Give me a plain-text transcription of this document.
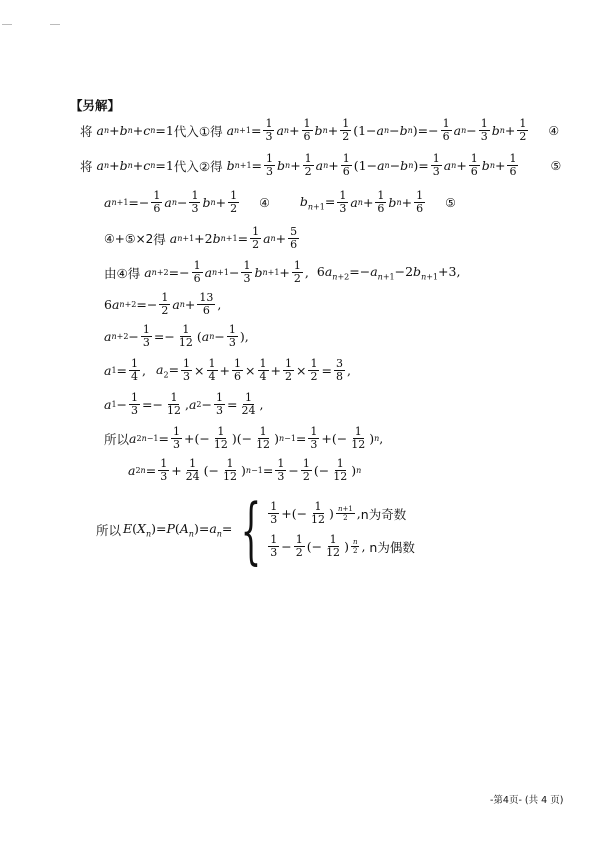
【另解】
将
a n + b n + c n =1 代入①得
a $n+1 = \frac{1}{3}$ a $n + \frac{1}{6}$ b $n + \frac{1}{2} (1- a$ n − b n )=− $\frac{1}{6}$ a $n - \frac{1}{3}$ b $n + \frac{1}{2}$ ④
将
a n + b n + c n =1 代入②得
b $n+1 = \frac{1}{3}$ b $n + \frac{1}{2}$ a $n + \frac{1}{6} (1- a$ n − b n )= $\frac{1}{3}$ a $n + \frac{1}{6}$ b $n + \frac{1}{6}$	⑤
a $n+1 =- \frac{1}{6}$ a $n - \frac{1}{3}$ b $n + \frac{1}{2}$ ④ $b_{n+1}= \frac{1}{3}$ a $n + \frac{1}{6}$ b $n + \frac{1}{6}$ ⑤
④+⑤×2 得
a n+1 +2 b $n+1 = \frac{1}{2}$ a $n + \frac{5}{6}$
由④得
a $n+2 =- \frac{1}{6}$ a $n+1 - \frac{1}{3}$ b $n+1 + \frac{1}{2}$ , $6a_{n+2}=-a_{n+1}-2b_{n+1}+3$,
6 a $n+2 =- \frac{1}{2}$ a $n + \frac{13}{6}$ ,
a $n+2 - \frac{1}{3} =- \frac{1}{12}$ ( a $n - \frac{1}{3}$ ),
a $1 = \frac{1}{4}$ , $a_2= \frac{1}{3} \times \frac{1}{4} + \frac{1}{6} \times \frac{1}{4} + \frac{1}{2} \times \frac{1}{2} = \frac{3}{8}$ ,
a $1 - \frac{1}{3} =- \frac{1}{12}$ , a $2 - \frac{1}{3} = \frac{1}{24}$ ,
所以 a $2n-1 = \frac{1}{3}$ +(− $\frac{1}{12}$ )(− $\frac{1}{12}$ ) $n-1 = \frac{1}{3}$ +(− $\frac{1}{12}$ ) n ,
a $2n = \frac{1}{3} + \frac{1}{24}$ (− $\frac{1}{12}$ ) $n-1 = \frac{1}{3} - \frac{1}{2}$ (− $\frac{1}{12}$ ) n
所以 $E(X_n)=P(A_n)=a_n=$ { $\frac{1}{3}$ +(− $\frac{1}{12}$ ) $\frac{n+1}{2}$ , n为奇数
$\frac{1}{3} - \frac{1}{2}$ (− $\frac{1}{12}$ ) $\frac{n}{2}$ , n为偶数
-第4页- (共 4 页)
